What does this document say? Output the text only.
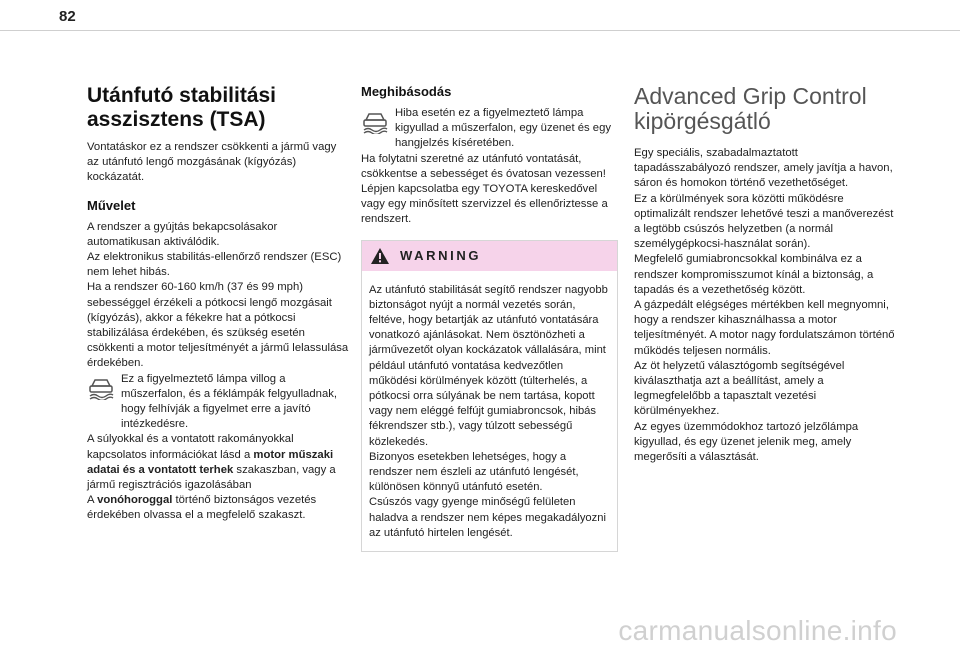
82
Utánfutó stabilitási asszisztens (TSA)

Vontatáskor ez a rendszer csökkenti a jármű vagy az utánfutó lengő mozgásának (kígyózás) kockázatát.

Művelet

A rendszer a gyújtás bekapcsolásakor automatikusan aktiválódik.

Az elektronikus stabilitás-ellenőrző rendszer (ESC) nem lehet hibás.

Ha a rendszer 60-160 km/h (37 és 99 mph) sebességgel érzékeli a pótkocsi lengő mozgásait (kígyózás), akkor a fékekre hat a pótkocsi stabilizálása érdekében, és szükség esetén csökkenti a motor teljesítményét a jármű lelassulása érdekében.

Ez a figyelmeztető lámpa villog a műszerfalon, és a féklámpák felgyulladnak, hogy felhívják a figyelmet erre a javító intézkedésre.

A súlyokkal és a vontatott rakományokkal kapcsolatos információkat lásd a motor műszaki adatai és a vontatott terhek szakaszban, vagy a jármű regisztrációs igazolásában

A vonóhoroggal történő biztonságos vezetés érdekében olvassa el a megfelelő szakaszt.

Meghibásodás

Hiba esetén ez a figyelmeztető lámpa kigyullad a műszerfalon, egy üzenet és egy hangjelzés kíséretében.

Ha folytatni szeretné az utánfutó vontatását, csökkentse a sebességet és óvatosan vezessen!

Lépjen kapcsolatba egy TOYOTA kereskedővel vagy egy minősített szervizzel és ellenőriztesse a rendszert.

WARNING

Az utánfutó stabilitását segítő rendszer nagyobb biztonságot nyújt a normál vezetés során, feltéve, hogy betartják az utánfutó vontatására vonatkozó ajánlásokat. Nem ösztönözheti a járművezetőt olyan kockázatok vállalására, mint például utánfutó vontatása kedvezőtlen működési körülmények között (túlterhelés, a pótkocsi orra súlyának be nem tartása, kopott vagy nem eléggé felfújt gumiabroncsok, hibás fékrendszer stb.), vagy túlzott sebességű közlekedés.

Bizonyos esetekben lehetséges, hogy a rendszer nem észleli az utánfutó lengését, különösen könnyű utánfutó esetén.

Csúszós vagy gyenge minőségű felületen haladva a rendszer nem képes megakadályozni az utánfutó hirtelen lengését.

Advanced Grip Control kipörgésgátló

Egy speciális, szabadalmaztatott tapadásszabályozó rendszer, amely javítja a havon, sáron és homokon történő vezethetőséget.

Ez a körülmények sora közötti működésre optimalizált rendszer lehetővé teszi a manőverezést a legtöbb csúszós helyzetben (a normál személygépkocsi-használat során).

Megfelelő gumiabroncsokkal kombinálva ez a rendszer kompromisszumot kínál a biztonság, a tapadás és a vezethetőség között.

A gázpedált elégséges mértékben kell megnyomni, hogy a rendszer kihasználhassa a motor teljesítményét. A motor nagy fordulatszámon történő működés teljesen normális.

Az öt helyzetű választógomb segítségével kiválaszthatja azt a beállítást, amely a legmegfelelőbb a tapasztalt vezetési körülményekhez.

Az egyes üzemmódokhoz tartozó jelzőlámpa kigyullad, és egy üzenet jelenik meg, amely megerősíti a választását.

carmanualsonline.info
